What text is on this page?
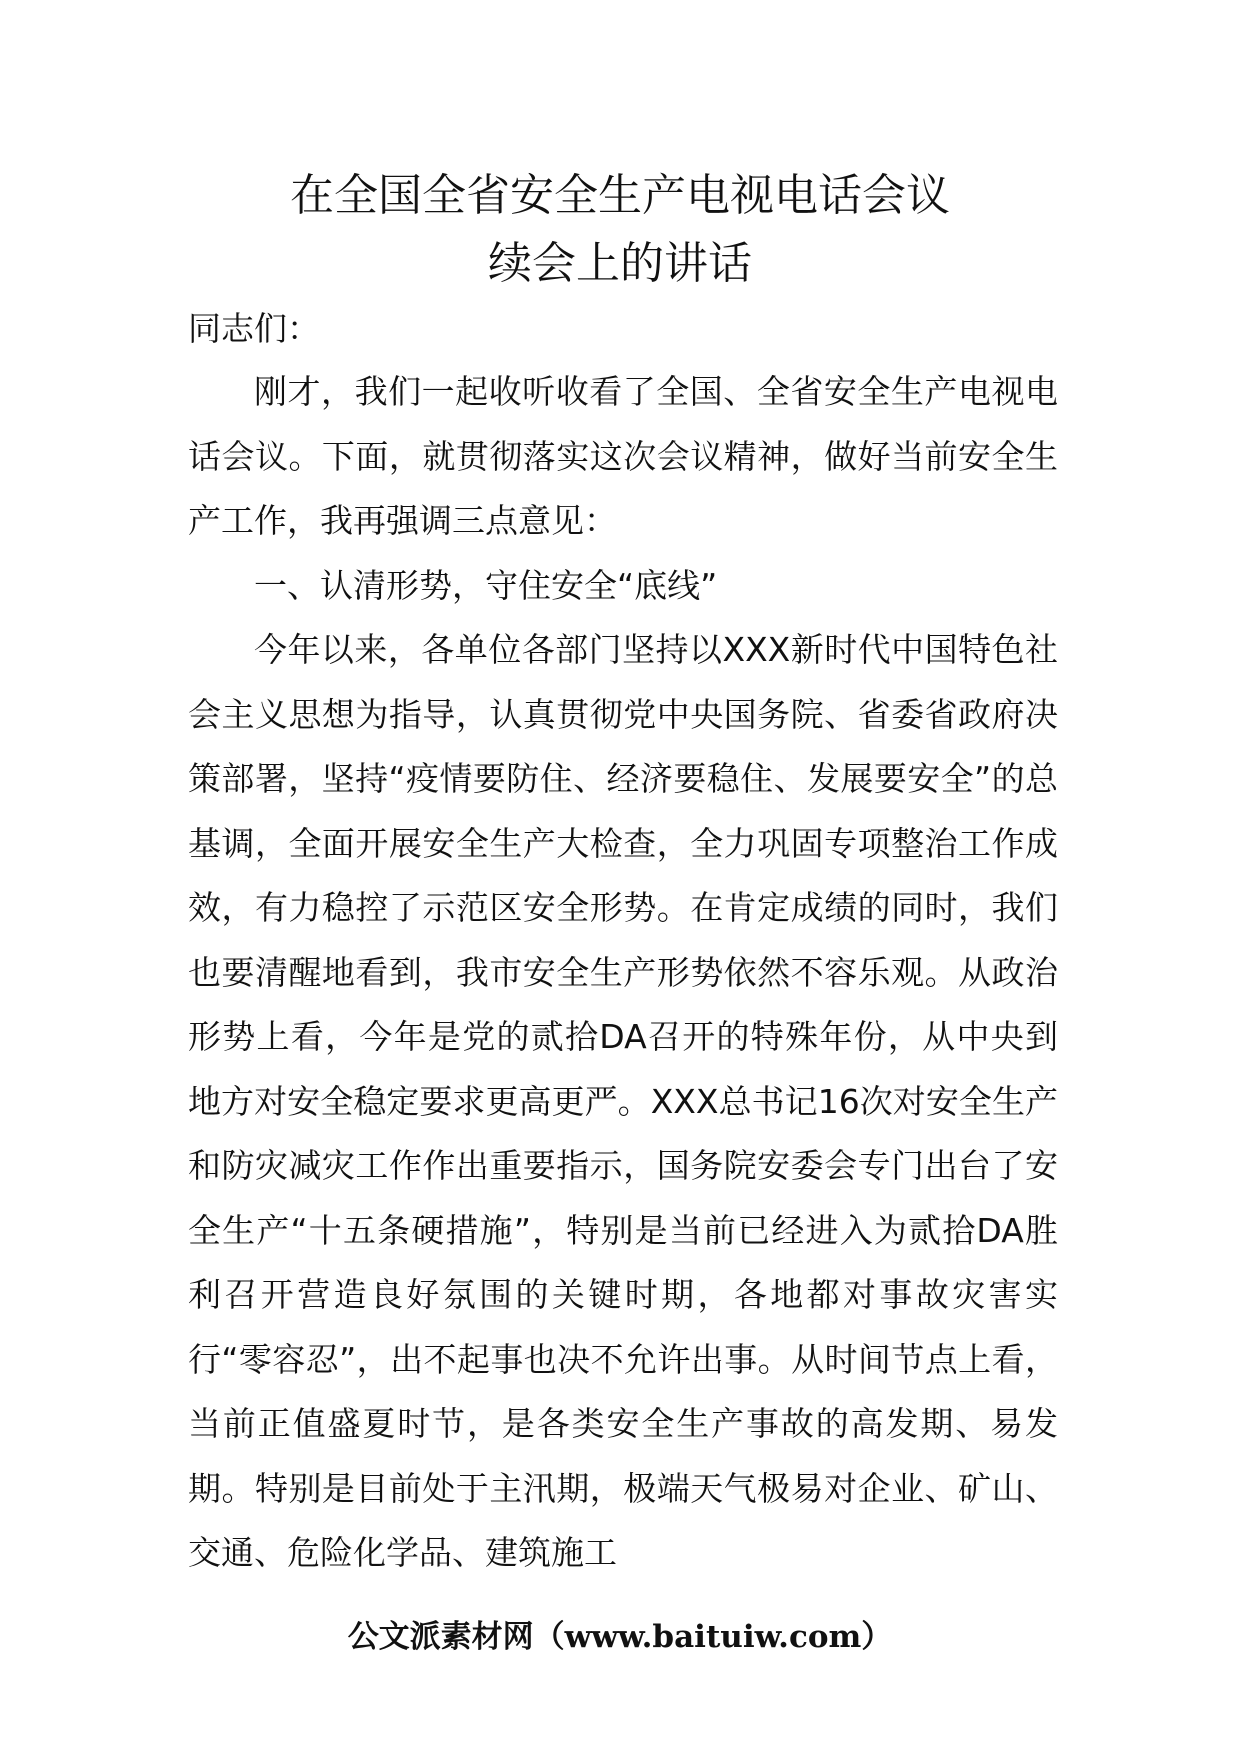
在全国全省安全生产电视电话会议
续会上的讲话

同志们：

刚才，我们一起收听收看了全国、全省安全生产电视电话会议。下面，就贯彻落实这次会议精神，做好当前安全生产工作，我再强调三点意见：

一、认清形势，守住安全“底线”

今年以来，各单位各部门坚持以XXX新时代中国特色社会主义思想为指导，认真贯彻党中央国务院、省委省政府决策部署，坚持“疫情要防住、经济要稳住、发展要安全”的总基调，全面开展安全生产大检查，全力巩固专项整治工作成效，有力稳控了示范区安全形势。在肯定成绩的同时，我们也要清醒地看到，我市安全生产形势依然不容乐观。从政治形势上看，今年是党的贰拾DA召开的特殊年份，从中央到地方对安全稳定要求更高更严。XXX总书记16次对安全生产和防灾减灾工作作出重要指示，国务院安委会专门出台了安全生产“十五条硬措施”，特别是当前已经进入为贰拾DA胜利召开营造良好氛围的关键时期，各地都对事故灾害实行“零容忍”，出不起事也决不允许出事。从时间节点上看，当前正值盛夏时节，是各类安全生产事故的高发期、易发期。特别是目前处于主汛期，极端天气极易对企业、矿山、交通、危险化学品、建筑施工

公文派素材网（www.baituiw.com）
